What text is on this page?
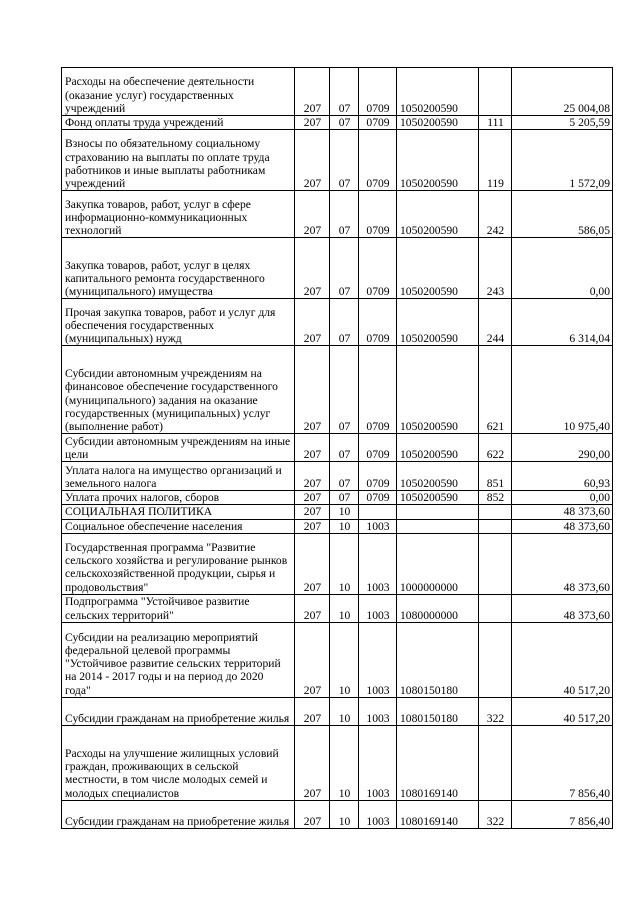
Расходы на обеспечение деятельности (оказание услуг) государственных учреждений	207	07	0709	1050200590		25 004,08
Фонд оплаты труда учреждений	207	07	0709	1050200590	111	5 205,59
Взносы по обязательному социальному страхованию на выплаты по оплате труда работников и иные выплаты работникам учреждений	207	07	0709	1050200590	119	1 572,09
Закупка товаров, работ, услуг в сфере информационно-коммуникационных технологий	207	07	0709	1050200590	242	586,05
Закупка товаров, работ, услуг в целях капитального ремонта государственного (муниципального) имущества	207	07	0709	1050200590	243	0,00
Прочая закупка товаров, работ и услуг для обеспечения государственных (муниципальных) нужд	207	07	0709	1050200590	244	6 314,04
Субсидии автономным учреждениям на финансовое обеспечение государственного (муниципального) задания на оказание государственных (муниципальных) услуг (выполнение работ)	207	07	0709	1050200590	621	10 975,40
Субсидии автономным учреждениям на иные цели	207	07	0709	1050200590	622	290,00
Уплата налога на имущество организаций и земельного налога	207	07	0709	1050200590	851	60,93
Уплата прочих налогов, сборов	207	07	0709	1050200590	852	0,00
СОЦИАЛЬНАЯ ПОЛИТИКА	207	10				48 373,60
Социальное обеспечение населения	207	10	1003			48 373,60
Государственная программа "Развитие сельского хозяйства и регулирование рынков сельскохозяйственной продукции, сырья и продовольствия"	207	10	1003	1000000000		48 373,60
Подпрограмма "Устойчивое развитие сельских территорий"	207	10	1003	1080000000		48 373,60
Субсидии на реализацию мероприятий федеральной целевой программы "Устойчивое развитие сельских территорий на 2014 - 2017 годы и на период до 2020 года"	207	10	1003	1080150180		40 517,20
Субсидии гражданам на приобретение жилья	207	10	1003	1080150180	322	40 517,20
Расходы на улучшение жилищных условий граждан, проживающих в сельской местности, в том числе молодых семей и молодых специалистов	207	10	1003	1080169140		7 856,40
Субсидии гражданам на приобретение жилья	207	10	1003	1080169140	322	7 856,40
